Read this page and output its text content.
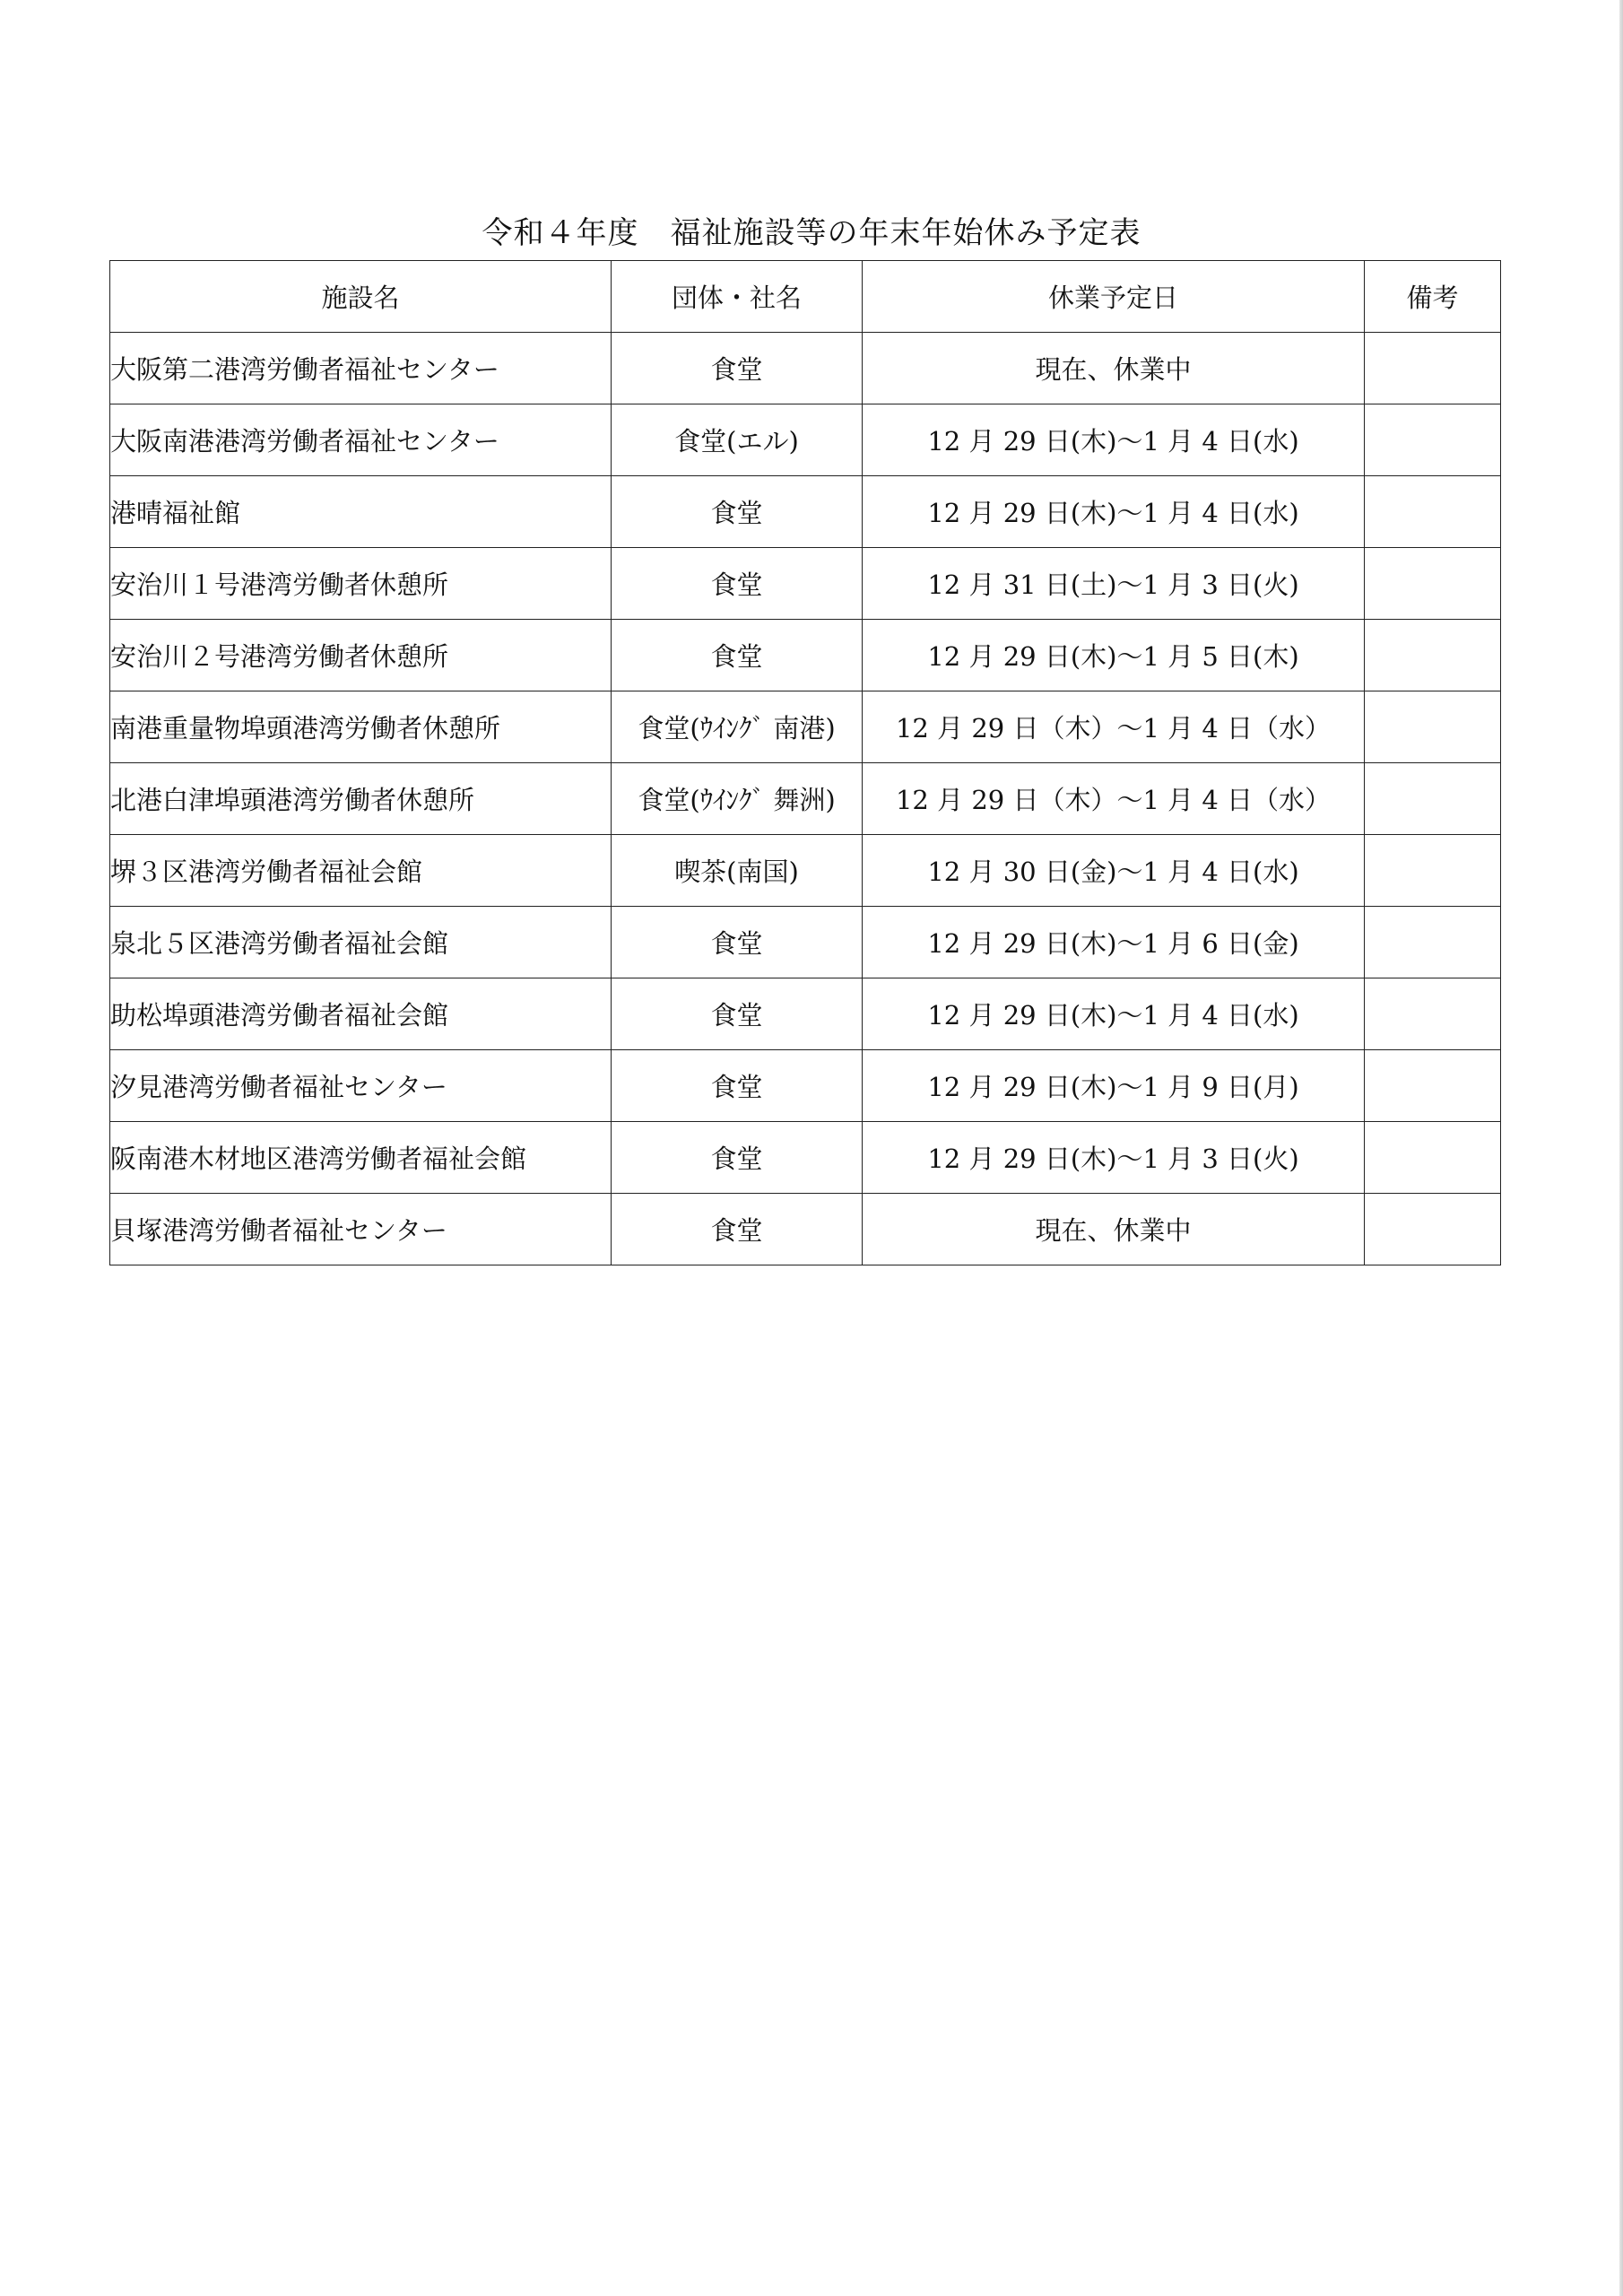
令和４年度　福祉施設等の年末年始休み予定表
施設名	団体・社名	休業予定日	備考
大阪第二港湾労働者福祉センター	食堂	現在、休業中	
大阪南港港湾労働者福祉センター	食堂(エル)	12 月 29 日(木)～1 月 4 日(水)	
港晴福祉館	食堂	12 月 29 日(木)～1 月 4 日(水)	
安治川１号港湾労働者休憩所	食堂	12 月 31 日(土)～1 月 3 日(火)	
安治川２号港湾労働者休憩所	食堂	12 月 29 日(木)～1 月 5 日(木)	
南港重量物埠頭港湾労働者休憩所	食堂(ｳｲﾝｸﾞ 南港)	12 月 29 日（木）～1 月 4 日（水）	
北港白津埠頭港湾労働者休憩所	食堂(ｳｲﾝｸﾞ 舞洲)	12 月 29 日（木）～1 月 4 日（水）	
堺３区港湾労働者福祉会館	喫茶(南国)	12 月 30 日(金)～1 月 4 日(水)	
泉北５区港湾労働者福祉会館	食堂	12 月 29 日(木)～1 月 6 日(金)	
助松埠頭港湾労働者福祉会館	食堂	12 月 29 日(木)～1 月 4 日(水)	
汐見港湾労働者福祉センター	食堂	12 月 29 日(木)～1 月 9 日(月)	
阪南港木材地区港湾労働者福祉会館	食堂	12 月 29 日(木)～1 月 3 日(火)	
貝塚港湾労働者福祉センター	食堂	現在、休業中	
